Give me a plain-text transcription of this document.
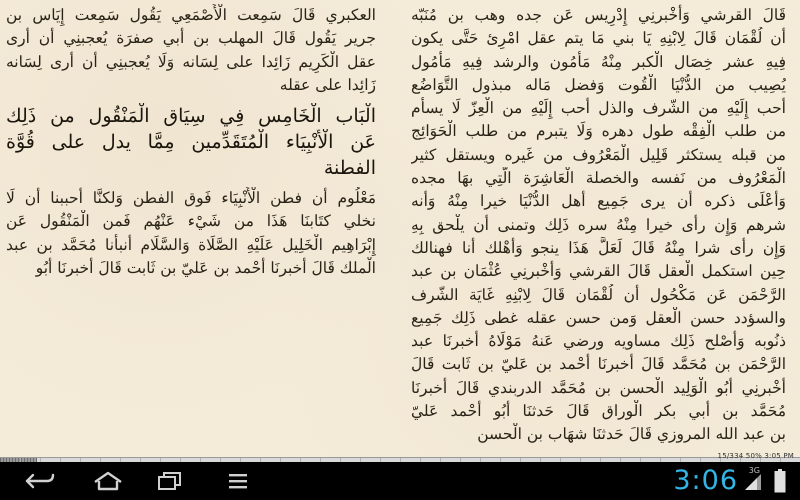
قَالَ القرشي وَأَخْبرنِي إِدْرِيس عَن جده وهب بن مُنَبّه
أَن لُقْمَان قَالَ لِابْنِهِ يَا بني مَا يتم عقل امْرِئ حَتَّى يكون
فِيهِ عشر خِصَال الْكبر مِنْهُ مَأْمُون والرشد فِيهِ مَأْمُول
يُصِيب من الدُّنْيَا الْقُوت وَفضل مَاله مبذول التَّوَاضُع
أحب إِلَيْهِ من الشّرف والذل أحب إِلَيْهِ من الْعِزّ لَا يسأم
من طلب الْفِقْه طول دهره وَلَا يتبرم من طلب الْحَوَائِج
من قبله يستكثر قَلِيل الْمَعْرُوف من غَيره ويستقل كثير
الْمَعْرُوف من نَفسه والخصلة الْعَاشِرَة الَّتِي بهَا مجده
وَأَعْلَى ذكره أَن يرى جَمِيع أهل الدُّنْيَا خيرا مِنْهُ وَأَنه
شرهم وَإِن رأى خيرا مِنْهُ سره ذَلِك وتمنى أَن يلْحق بِهِ
وَإِن رأى شرا مِنْهُ قَالَ لَعَلَّ هَذَا ينجو وَأَهْلك أَنا فهنالك
حِين استكمل الْعقل قَالَ القرشي وَأَخْبرنِي عُثْمَان بن عبد
الرَّحْمَن عَن مَكْحُول أَن لُقْمَان قَالَ لِابْنِهِ غَايَة الشّرف
والسؤدد حسن الْعقل وَمن حسن عقله غطى ذَلِك جَمِيع
ذنُوبه وَأصْلح ذَلِك مساويه ورضي عَنهُ مَوْلَاهُ أخبرنَا عبد
الرَّحْمَن بن مُحَمَّد قَالَ أخبرنَا أَحْمد بن عَليّ بن ثَابت قَالَ
أَخْبرنِي أَبُو الْوَلِيد الْحسن بن مُحَمَّد الدربندي قَالَ أخبرنَا
مُحَمَّد بن أبي بكر الْوراق قَالَ حَدثنَا أَبُو أَحْمد عَليّ
بن عبد الله المروزي قَالَ حَدثنَا شهَاب بن الْحسن
العكبري قَالَ سَمِعت الْأَصْمَعِي يَقُول سَمِعت إِيَاس بن
جرير يَقُول قَالَ المهلب بن أبي صفرَة يُعجبنِي أَن أرى
عقل الْكَرِيم زَائِدا على لِسَانه وَلَا يُعجبنِي أَن أرى لِسَانه
زَائِدا على عقله
الْبَاب الْخَامِس فِي سِيَاق الْمَنْقُول من ذَلِك
عَن الْأَنْبِيَاء الْمُتَقَدِّمين مِمَّا يدل على قُوَّة
الفطنة
مَعْلُوم أَن فطن الْأَنْبِيَاء فَوق الفطن وَلكنَّا أحببنا أَن لَا
نخلي كتَابنَا هَذَا من شَيْء عَنْهُم فَمن الْمَنْقُول عَن
إِبْرَاهِيم الْخَلِيل عَلَيْهِ الصَّلَاة وَالسَّلَام أنبأنا مُحَمَّد بن عبد
الْملك قَالَ أخبرنَا أَحْمد بن عَليّ بن ثَابت قَالَ أخبرنَا أَبُو
15/334 50% 3:05 PM
3:06 3G
